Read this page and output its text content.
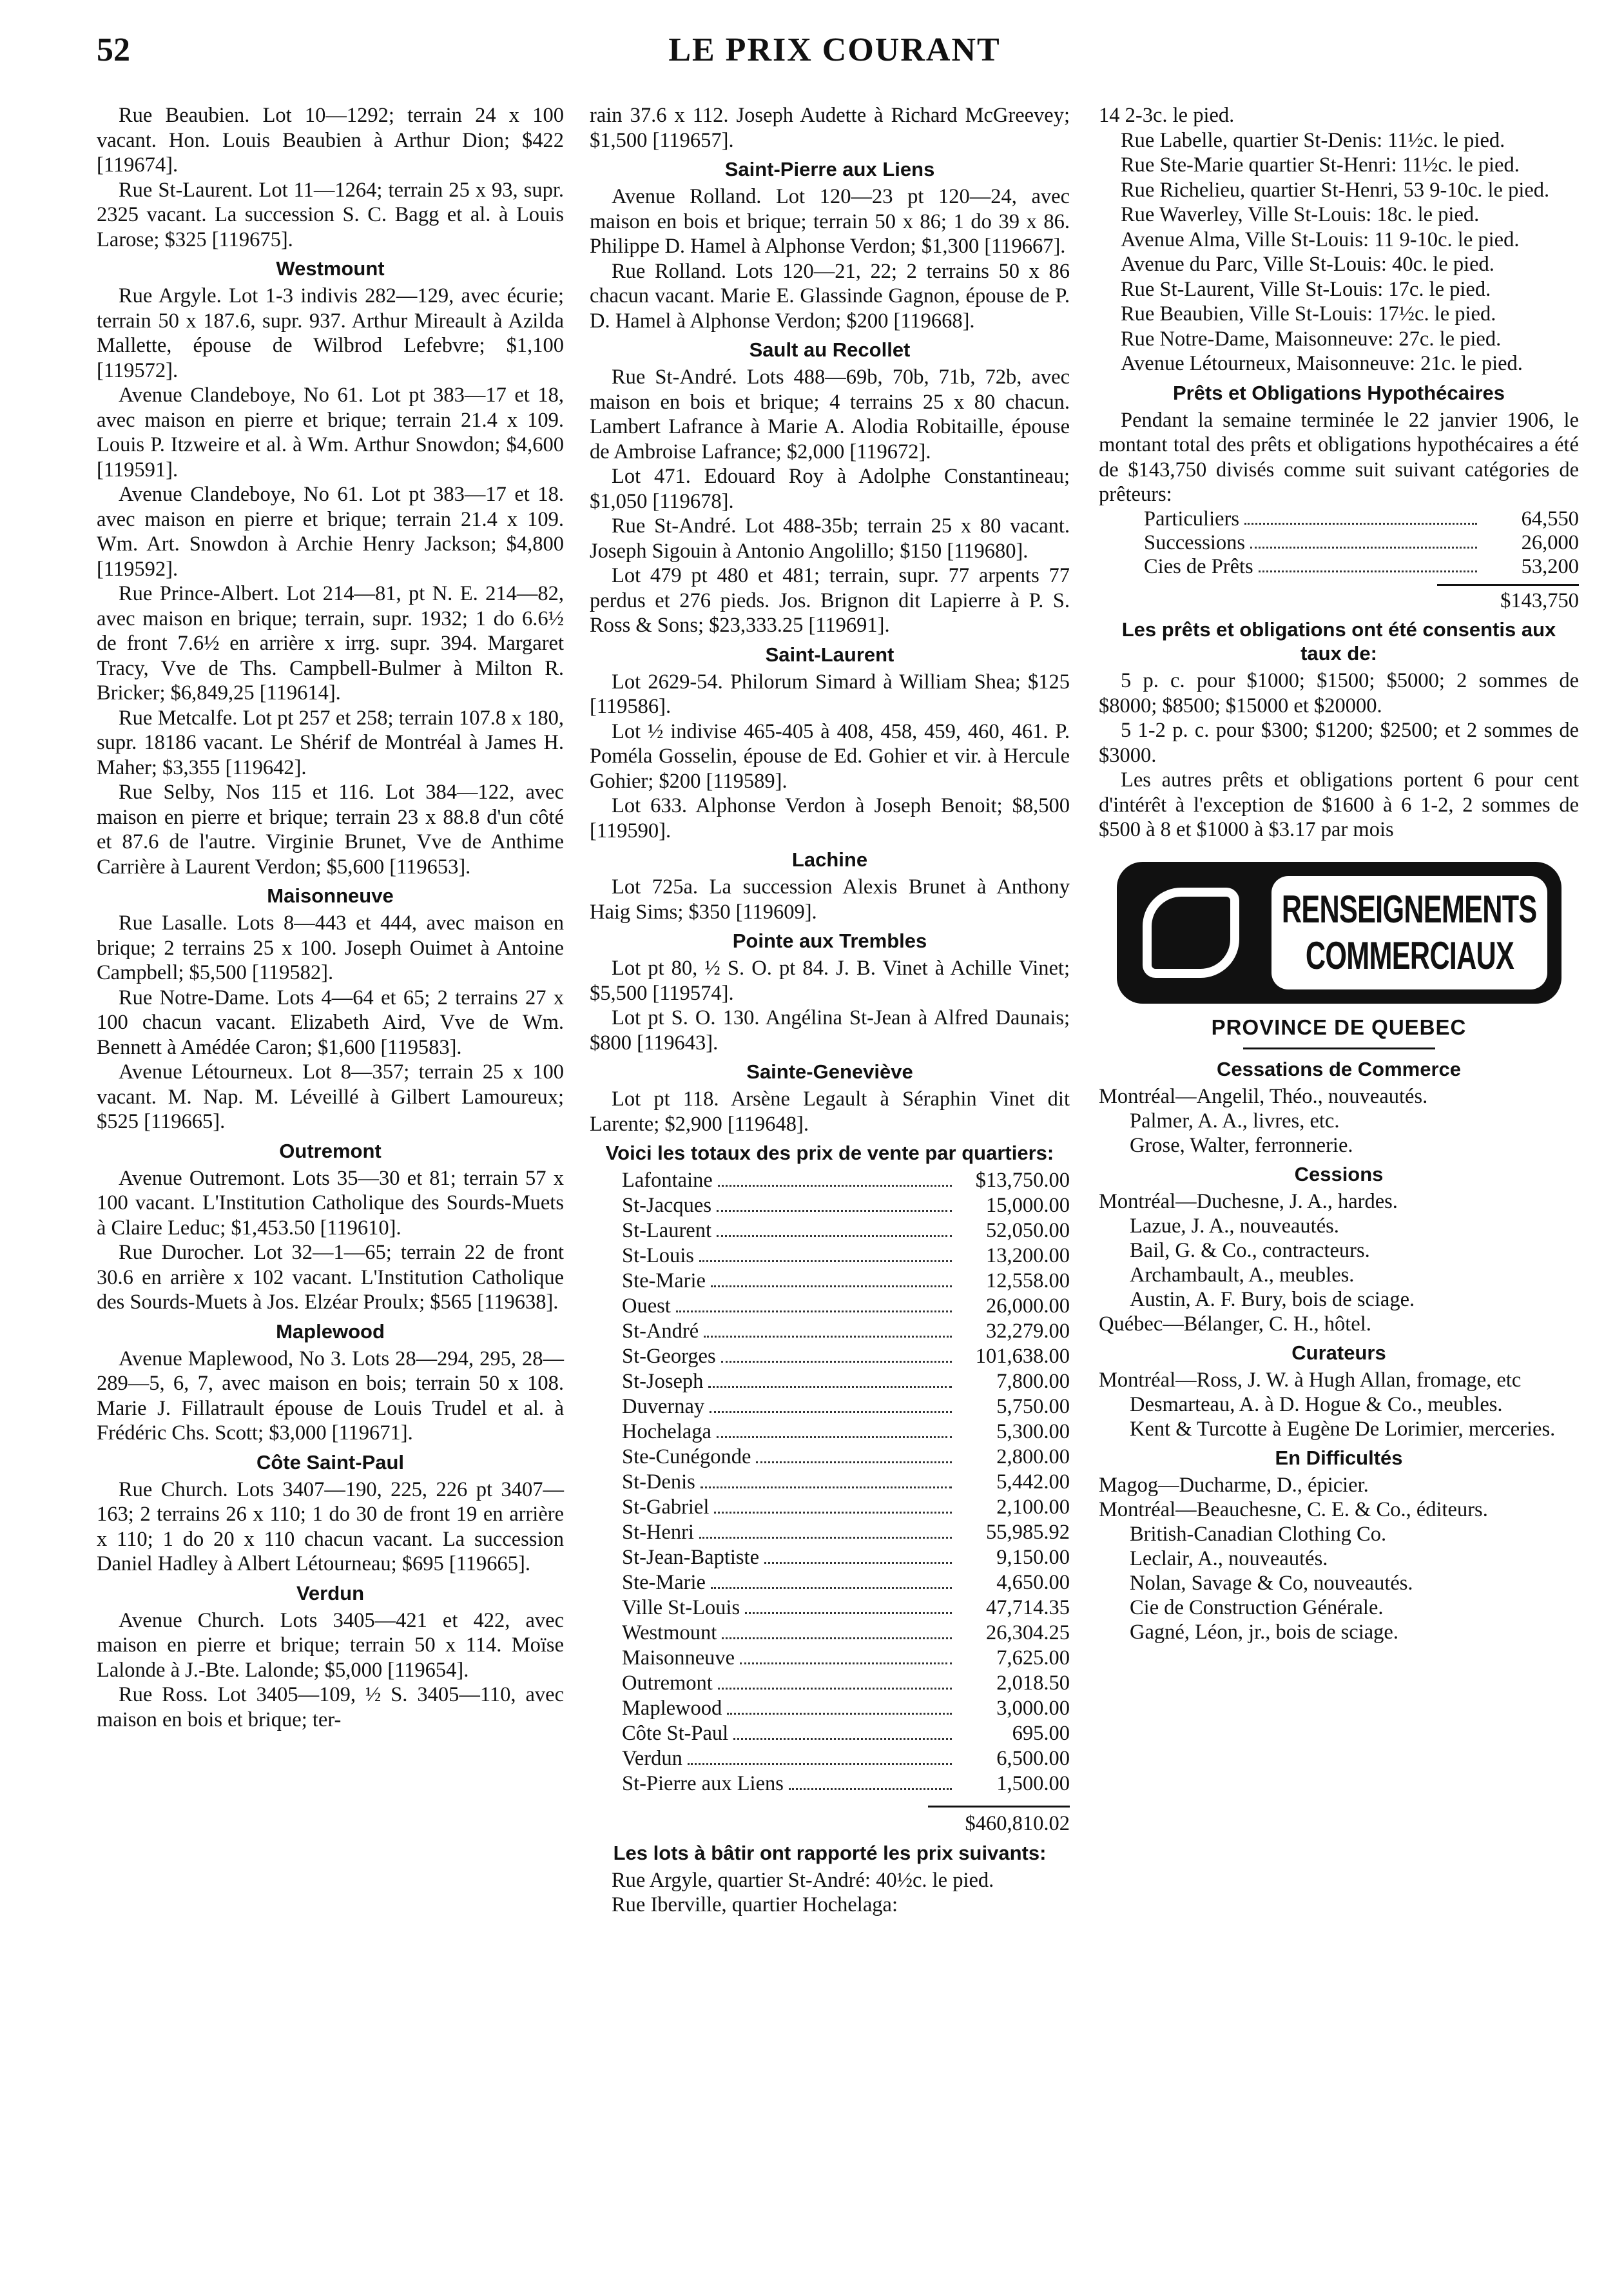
52	LE PRIX COURANT
Rue Beaubien. Lot 10—1292; terrain 24 x 100 vacant. Hon. Louis Beaubien à Arthur Dion; $422 [119674].
Rue St-Laurent. Lot 11—1264; terrain 25 x 93, supr. 2325 vacant. La succession S. C. Bagg et al. à Louis Larose; $325 [119675].
Westmount
Rue Argyle. Lot 1-3 indivis 282—129, avec écurie; terrain 50 x 187.6, supr. 937. Arthur Mireault à Azilda Mallette, épouse de Wilbrod Lefebvre; $1,100 [119572].
Avenue Clandeboye, No 61. Lot pt 383—17 et 18, avec maison en pierre et brique; terrain 21.4 x 109. Louis P. Itzweire et al. à Wm. Arthur Snowdon; $4,600 [119591].
Avenue Clandeboye, No 61. Lot pt 383—17 et 18. avec maison en pierre et brique; terrain 21.4 x 109. Wm. Art. Snowdon à Archie Henry Jackson; $4,800 [119592].
Rue Prince-Albert. Lot 214—81, pt N. E. 214—82, avec maison en brique; terrain, supr. 1932; 1 do 6.6½ de front 7.6½ en arrière x irrg. supr. 394. Margaret Tracy, Vve de Ths. Campbell-Bulmer à Milton R. Bricker; $6,849,25 [119614].
Rue Metcalfe. Lot pt 257 et 258; terrain 107.8 x 180, supr. 18186 vacant. Le Shérif de Montréal à James H. Maher; $3,355 [119642].
Rue Selby, Nos 115 et 116. Lot 384—122, avec maison en pierre et brique; terrain 23 x 88.8 d'un côté et 87.6 de l'autre. Virginie Brunet, Vve de Anthime Carrière à Laurent Verdon; $5,600 [119653].
Maisonneuve
Rue Lasalle. Lots 8—443 et 444, avec maison en brique; 2 terrains 25 x 100. Joseph Ouimet à Antoine Campbell; $5,500 [119582].
Rue Notre-Dame. Lots 4—64 et 65; 2 terrains 27 x 100 chacun vacant. Elizabeth Aird, Vve de Wm. Bennett à Amédée Caron; $1,600 [119583].
Avenue Létourneux. Lot 8—357; terrain 25 x 100 vacant. M. Nap. M. Léveillé à Gilbert Lamoureux; $525 [119665].
Outremont
Avenue Outremont. Lots 35—30 et 81; terrain 57 x 100 vacant. L'Institution Catholique des Sourds-Muets à Claire Leduc; $1,453.50 [119610].
Rue Durocher. Lot 32—1—65; terrain 22 de front 30.6 en arrière x 102 vacant. L'Institution Catholique des Sourds-Muets à Jos. Elzéar Proulx; $565 [119638].
Maplewood
Avenue Maplewood, No 3. Lots 28—294, 295, 28—289—5, 6, 7, avec maison en bois; terrain 50 x 108. Marie J. Fillatrault épouse de Louis Trudel et al. à Frédéric Chs. Scott; $3,000 [119671].
Côte Saint-Paul
Rue Church. Lots 3407—190, 225, 226 pt 3407—163; 2 terrains 26 x 110; 1 do 30 de front 19 en arrière x 110; 1 do 20 x 110 chacun vacant. La succession Daniel Hadley à Albert Létourneau; $695 [119665].
Verdun
Avenue Church. Lots 3405—421 et 422, avec maison en pierre et brique; terrain 50 x 114. Moïse Lalonde à J.-Bte. Lalonde; $5,000 [119654].
Rue Ross. Lot 3405—109, ½ S. 3405—110, avec maison en bois et brique; ter-
rain 37.6 x 112. Joseph Audette à Richard McGreevey; $1,500 [119657].
Saint-Pierre aux Liens
Avenue Rolland. Lot 120—23 pt 120—24, avec maison en bois et brique; terrain 50 x 86; 1 do 39 x 86. Philippe D. Hamel à Alphonse Verdon; $1,300 [119667].
Rue Rolland. Lots 120—21, 22; 2 terrains 50 x 86 chacun vacant. Marie E. Glassinde Gagnon, épouse de P. D. Hamel à Alphonse Verdon; $200 [119668].
Sault au Recollet
Rue St-André. Lots 488—69b, 70b, 71b, 72b, avec maison en bois et brique; 4 terrains 25 x 80 chacun. Lambert Lafrance à Marie A. Alodia Robitaille, épouse de Ambroise Lafrance; $2,000 [119672].
Lot 471. Edouard Roy à Adolphe Constantineau; $1,050 [119678].
Rue St-André. Lot 488-35b; terrain 25 x 80 vacant. Joseph Sigouin à Antonio Angolillo; $150 [119680].
Lot 479 pt 480 et 481; terrain, supr. 77 arpents 77 perdus et 276 pieds. Jos. Brignon dit Lapierre à P. S. Ross & Sons; $23,333.25 [119691].
Saint-Laurent
Lot 2629-54. Philorum Simard à William Shea; $125 [119586].
Lot ½ indivise 465-405 à 408, 458, 459, 460, 461. P. Poméla Gosselin, épouse de Ed. Gohier et vir. à Hercule Gohier; $200 [119589].
Lot 633. Alphonse Verdon à Joseph Benoit; $8,500 [119590].
Lachine
Lot 725a. La succession Alexis Brunet à Anthony Haig Sims; $350 [119609].
Pointe aux Trembles
Lot pt 80, ½ S. O. pt 84. J. B. Vinet à Achille Vinet; $5,500 [119574].
Lot pt S. O. 130. Angélina St-Jean à Alfred Daunais; $800 [119643].
Sainte-Geneviève
Lot pt 118. Arsène Legault à Séraphin Vinet dit Larente; $2,900 [119648].
Voici les totaux des prix de vente par quartiers:
Lafontaine	$13,750.00
St-Jacques	15,000.00
St-Laurent	52,050.00
St-Louis	13,200.00
Ste-Marie	12,558.00
Ouest	26,000.00
St-André	32,279.00
St-Georges	101,638.00
St-Joseph	7,800.00
Duvernay	5,750.00
Hochelaga	5,300.00
Ste-Cunégonde	2,800.00
St-Denis	5,442.00
St-Gabriel	2,100.00
St-Henri	55,985.92
St-Jean-Baptiste	9,150.00
Ste-Marie	4,650.00
Ville St-Louis	47,714.35
Westmount	26,304.25
Maisonneuve	7,625.00
Outremont	2,018.50
Maplewood	3,000.00
Côte St-Paul	695.00
Verdun	6,500.00
St-Pierre aux Liens	1,500.00
$460,810.02
Les lots à bâtir ont rapporté les prix suivants:
Rue Argyle, quartier St-André: 40½c. le pied.
Rue Iberville, quartier Hochelaga:
14 2-3c. le pied.
Rue Labelle, quartier St-Denis: 11½c. le pied.
Rue Ste-Marie quartier St-Henri: 11½c. le pied.
Rue Richelieu, quartier St-Henri, 53 9-10c. le pied.
Rue Waverley, Ville St-Louis: 18c. le pied.
Avenue Alma, Ville St-Louis: 11 9-10c. le pied.
Avenue du Parc, Ville St-Louis: 40c. le pied.
Rue St-Laurent, Ville St-Louis: 17c. le pied.
Rue Beaubien, Ville St-Louis: 17½c. le pied.
Rue Notre-Dame, Maisonneuve: 27c. le pied.
Avenue Létourneux, Maisonneuve: 21c. le pied.
Prêts et Obligations Hypothécaires
Pendant la semaine terminée le 22 janvier 1906, le montant total des prêts et obligations hypothécaires a été de $143,750 divisés comme suit suivant catégories de prêteurs:
Particuliers	64,550
Successions	26,000
Cies de Prêts	53,200
$143,750
Les prêts et obligations ont été consentis aux taux de:
5 p. c. pour $1000; $1500; $5000; 2 sommes de $8000; $8500; $15000 et $20000.
5 1-2 p. c. pour $300; $1200; $2500; et 2 sommes de $3000.
Les autres prêts et obligations portent 6 pour cent d'intérêt à l'exception de $1600 à 6 1-2, 2 sommes de $500 à 8 et $1000 à $3.17 par mois
RENSEIGNEMENTS
COMMERCIAUX
PROVINCE DE QUEBEC
Cessations de Commerce
Montréal—Angelil, Théo., nouveautés.
Palmer, A. A., livres, etc.
Grose, Walter, ferronnerie.
Cessions
Montréal—Duchesne, J. A., hardes.
Lazue, J. A., nouveautés.
Bail, G. & Co., contracteurs.
Archambault, A., meubles.
Austin, A. F. Bury, bois de sciage.
Québec—Bélanger, C. H., hôtel.
Curateurs
Montréal—Ross, J. W. à Hugh Allan, fromage, etc
Desmarteau, A. à D. Hogue & Co., meubles.
Kent & Turcotte à Eugène De Lorimier, merceries.
En Difficultés
Magog—Ducharme, D., épicier.
Montréal—Beauchesne, C. E. & Co., éditeurs.
British-Canadian Clothing Co.
Leclair, A., nouveautés.
Nolan, Savage & Co, nouveautés.
Cie de Construction Générale.
Gagné, Léon, jr., bois de sciage.
